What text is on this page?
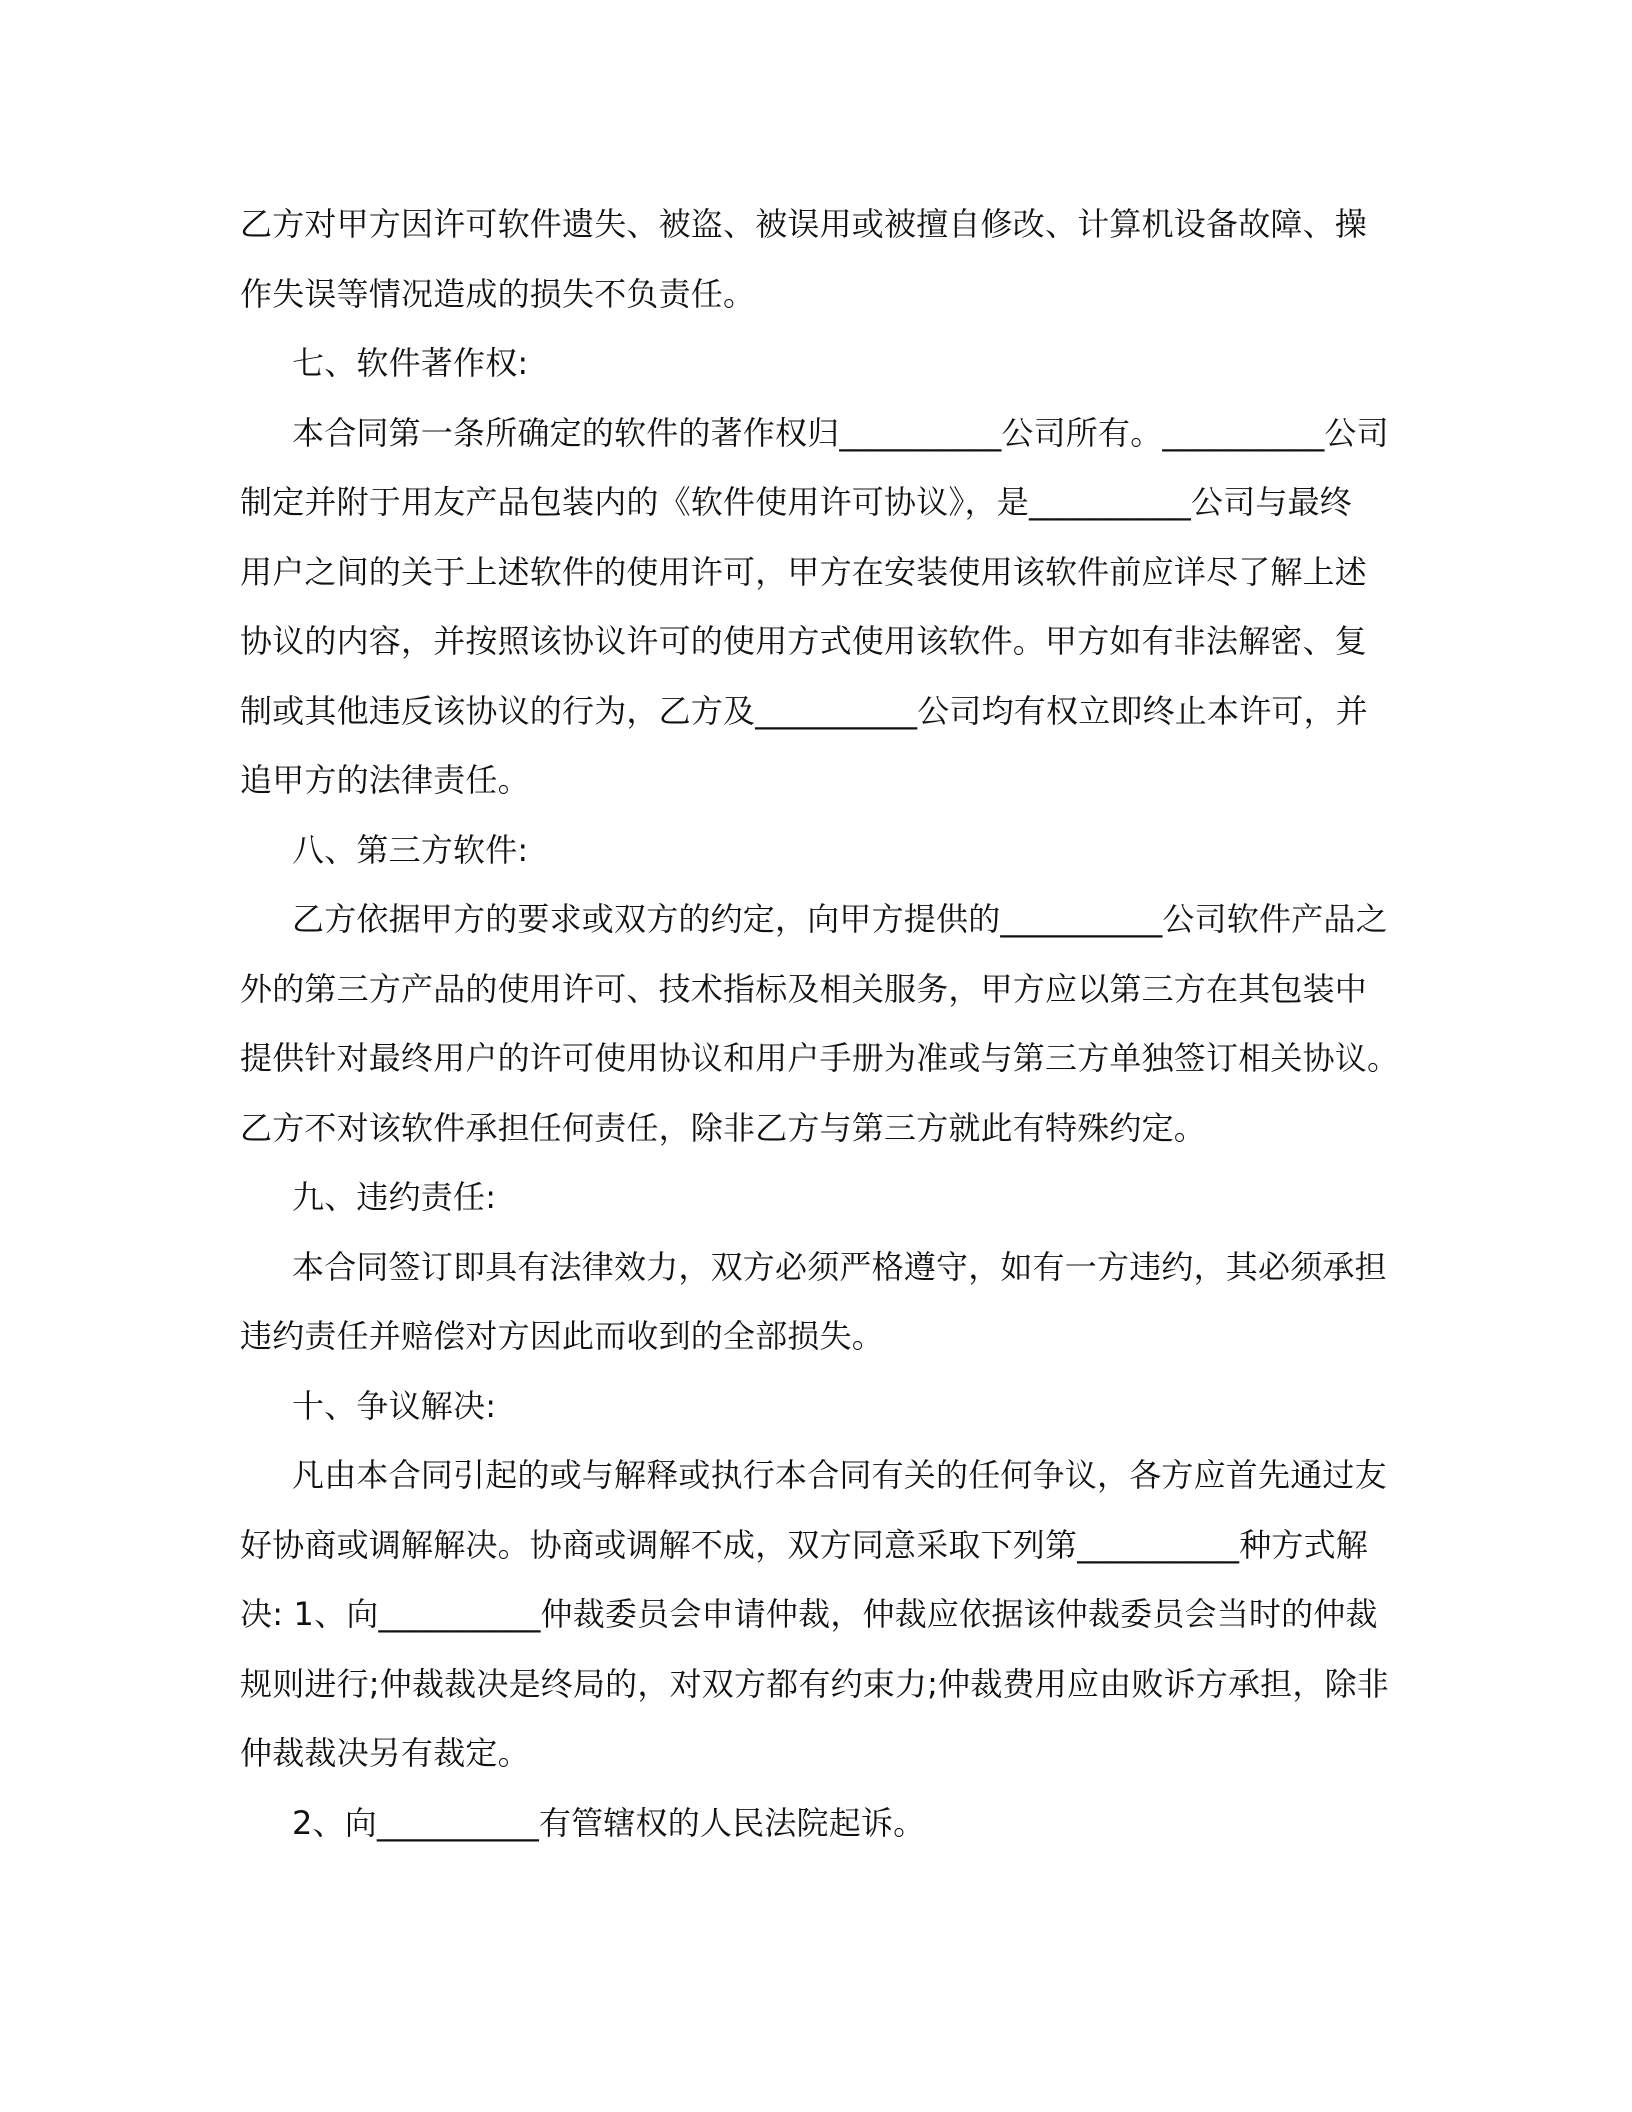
乙方对甲方因许可软件遗失、被盗、被误用或被擅自修改、计算机设备故障、操
作失误等情况造成的损失不负责任。
七、软件著作权:
本合同第一条所确定的软件的著作权归__________公司所有。__________公司
制定并附于用友产品包装内的《软件使用许可协议》，是__________公司与最终
用户之间的关于上述软件的使用许可，甲方在安装使用该软件前应详尽了解上述
协议的内容，并按照该协议许可的使用方式使用该软件。甲方如有非法解密、复
制或其他违反该协议的行为，乙方及__________公司均有权立即终止本许可，并
追甲方的法律责任。
八、第三方软件:
乙方依据甲方的要求或双方的约定，向甲方提供的__________公司软件产品之
外的第三方产品的使用许可、技术指标及相关服务，甲方应以第三方在其包装中
提供针对最终用户的许可使用协议和用户手册为准或与第三方单独签订相关协议。
乙方不对该软件承担任何责任，除非乙方与第三方就此有特殊约定。
九、违约责任:
本合同签订即具有法律效力，双方必须严格遵守，如有一方违约，其必须承担
违约责任并赔偿对方因此而收到的全部损失。
十、争议解决:
凡由本合同引起的或与解释或执行本合同有关的任何争议，各方应首先通过友
好协商或调解解决。协商或调解不成，双方同意采取下列第__________种方式解
决: 1、向__________仲裁委员会申请仲裁，仲裁应依据该仲裁委员会当时的仲裁
规则进行;仲裁裁决是终局的，对双方都有约束力;仲裁费用应由败诉方承担，除非
仲裁裁决另有裁定。
2、向__________有管辖权的人民法院起诉。
